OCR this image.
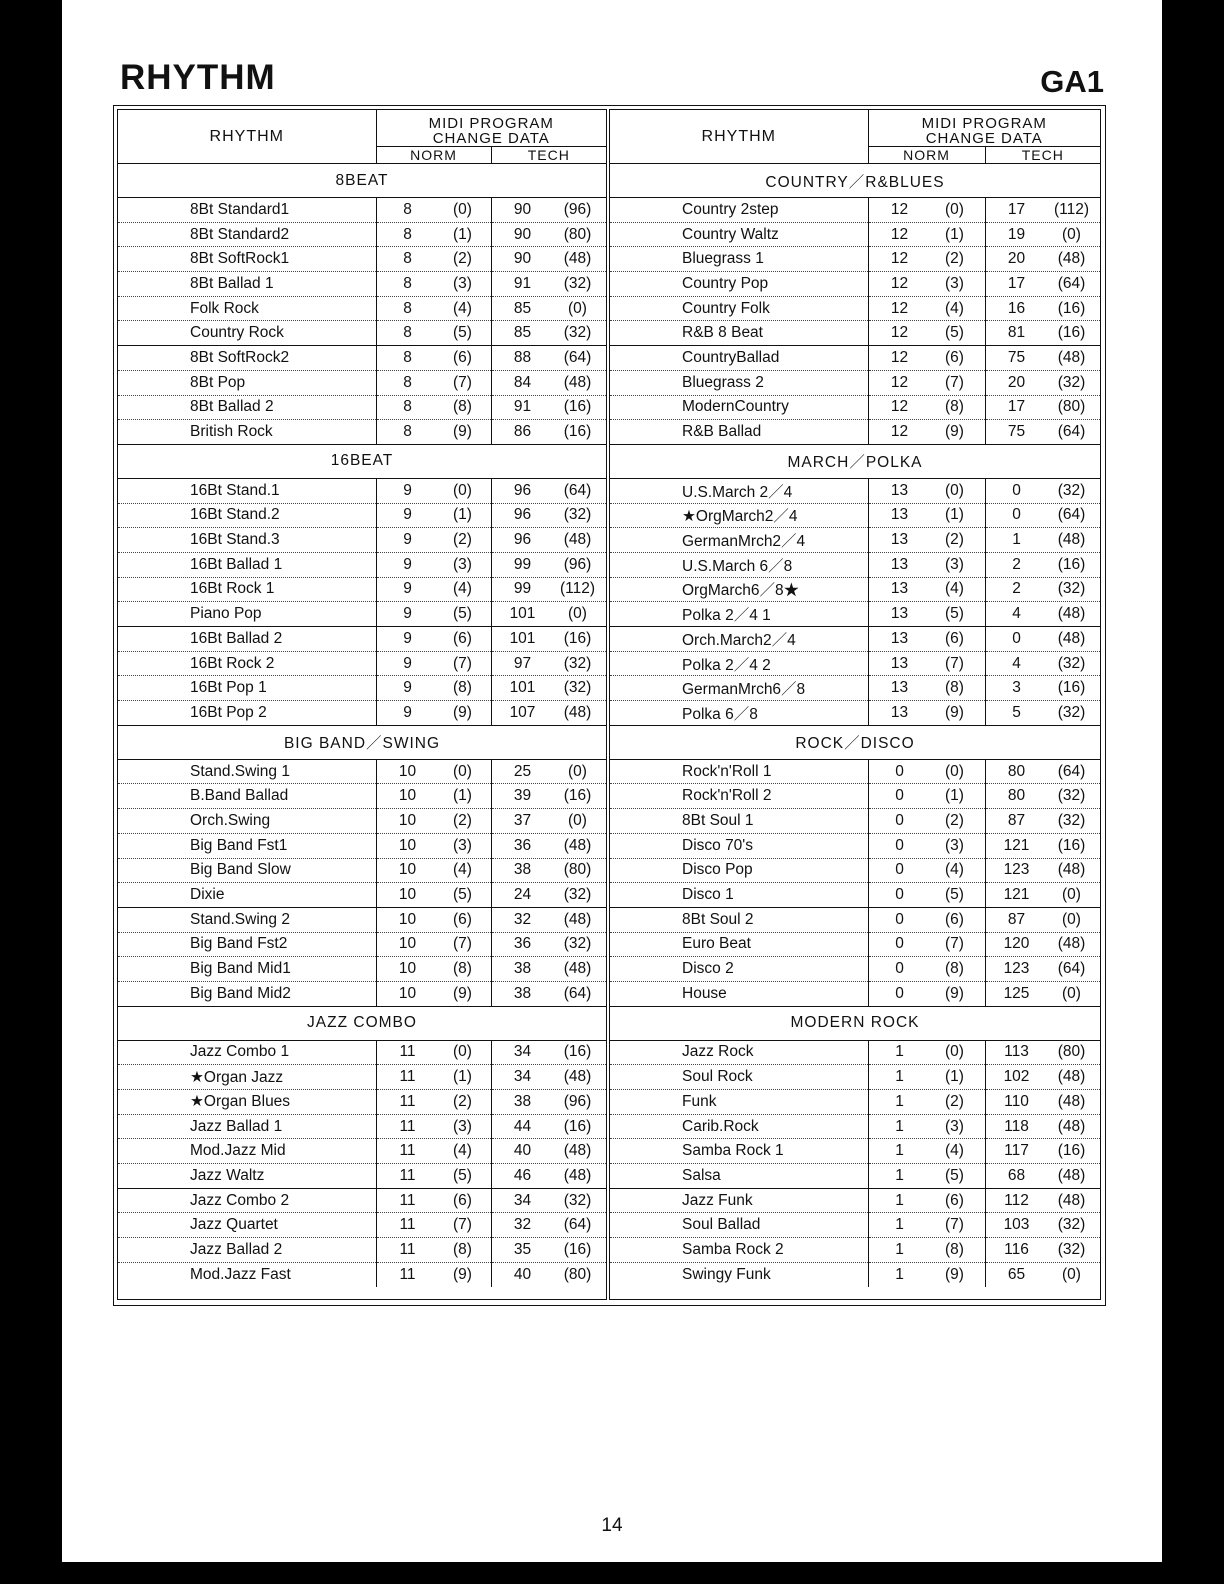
RHYTHM	GA1
RHYTHM	MIDI PROGRAM
CHANGE DATA	

	NORM	TECH
8BEAT		
8Bt Standard1	8 (0)	90 (96)

8Bt Standard2	8 (1)	90 (80)

8Bt SoftRock1	8 (2)	90 (48)

8Bt Ballad 1	8 (3)	91 (32)

Folk Rock	8 (4)	85 (0)

Country Rock	8 (5)	85 (32)

8Bt SoftRock2	8 (6)	88 (64)

8Bt Pop	8 (7)	84 (48)

8Bt Ballad 2	8 (8)	91 (16)

British Rock	8 (9)	86 (16)

16BEAT		
16Bt Stand.1	9 (0)	96 (64)

16Bt Stand.2	9 (1)	96 (32)

16Bt Stand.3	9 (2)	96 (48)

16Bt Ballad 1	9 (3)	99 (96)

16Bt Rock 1	9 (4)	99 (112)

Piano Pop	9 (5)	101 (0)

16Bt Ballad 2	9 (6)	101 (16)

16Bt Rock 2	9 (7)	97 (32)

16Bt Pop 1	9 (8)	101 (32)

16Bt Pop 2	9 (9)	107 (48)

BIG BAND／SWING		
Stand.Swing 1	10 (0)	25 (0)

B.Band Ballad	10 (1)	39 (16)

Orch.Swing	10 (2)	37 (0)

Big Band Fst1	10 (3)	36 (48)

Big Band Slow	10 (4)	38 (80)

Dixie	10 (5)	24 (32)

Stand.Swing 2	10 (6)	32 (48)

Big Band Fst2	10 (7)	36 (32)

Big Band Mid1	10 (8)	38 (48)

Big Band Mid2	10 (9)	38 (64)

JAZZ COMBO		
Jazz Combo 1	11 (0)	34 (16)

★Organ Jazz	11 (1)	34 (48)

★Organ Blues	11 (2)	38 (96)

Jazz Ballad 1	11 (3)	44 (16)

Mod.Jazz Mid	11 (4)	40 (48)

Jazz Waltz	11 (5)	46 (48)

Jazz Combo 2	11 (6)	34 (32)

Jazz Quartet	11 (7)	32 (64)

Jazz Ballad 2	11 (8)	35 (16)

Mod.Jazz Fast	11 (9)	40 (80)
RHYTHM	MIDI PROGRAM
CHANGE DATA	

	NORM	TECH
COUNTRY／R&BLUES		
Country 2step	12 (0)	17 (112)

Country Waltz	12 (1)	19 (0)

Bluegrass 1	12 (2)	20 (48)

Country Pop	12 (3)	17 (64)

Country Folk	12 (4)	16 (16)

R&B 8 Beat	12 (5)	81 (16)

CountryBallad	12 (6)	75 (48)

Bluegrass 2	12 (7)	20 (32)

ModernCountry	12 (8)	17 (80)

R&B Ballad	12 (9)	75 (64)

MARCH／POLKA		
U.S.March 2／4	13 (0)	0 (32)

★OrgMarch2／4	13 (1)	0 (64)

GermanMrch2／4	13 (2)	1 (48)

U.S.March 6／8	13 (3)	2 (16)

OrgMarch6／8★	13 (4)	2 (32)

Polka 2／4 1	13 (5)	4 (48)

Orch.March2／4	13 (6)	0 (48)

Polka 2／4 2	13 (7)	4 (32)

GermanMrch6／8	13 (8)	3 (16)

Polka 6／8	13 (9)	5 (32)

ROCK／DISCO		
Rock'n'Roll 1	0 (0)	80 (64)

Rock'n'Roll 2	0 (1)	80 (32)

8Bt Soul 1	0 (2)	87 (32)

Disco 70's	0 (3)	121 (16)

Disco Pop	0 (4)	123 (48)

Disco 1	0 (5)	121 (0)

8Bt Soul 2	0 (6)	87 (0)

Euro Beat	0 (7)	120 (48)

Disco 2	0 (8)	123 (64)

House	0 (9)	125 (0)

MODERN ROCK		
Jazz Rock	1 (0)	113 (80)

Soul Rock	1 (1)	102 (48)

Funk	1 (2)	110 (48)

Carib.Rock	1 (3)	118 (48)

Samba Rock 1	1 (4)	117 (16)

Salsa	1 (5)	68 (48)

Jazz Funk	1 (6)	112 (48)

Soul Ballad	1 (7)	103 (32)

Samba Rock 2	1 (8)	116 (32)

Swingy Funk	1 (9)	65 (0)
14
